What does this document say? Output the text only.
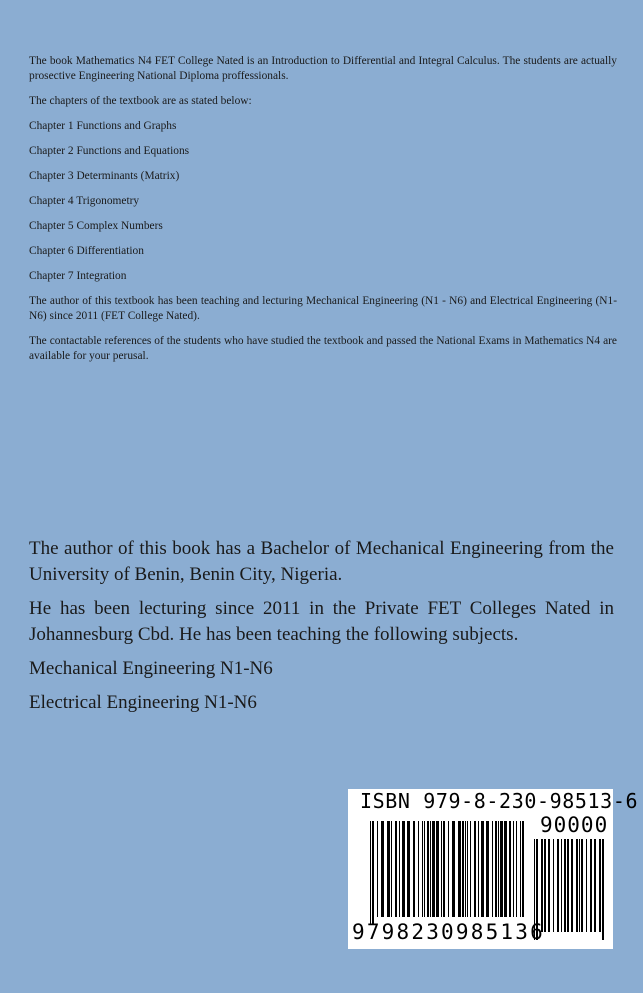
The book Mathematics N4 FET College Nated is an Introduction to Differential and Integral Calculus. The students are actually prosective Engineering National Diploma proffessionals.

The chapters of the textbook are as stated below:

Chapter 1 Functions and Graphs
Chapter 2 Functions and Equations
Chapter 3 Determinants (Matrix)
Chapter 4 Trigonometry
Chapter 5 Complex Numbers
Chapter 6 Differentiation
Chapter 7 Integration

The author of this textbook has been teaching and lecturing Mechanical Engineering (N1 - N6) and Electrical Engineering (N1-N6) since 2011 (FET College Nated).

The contactable references of the students who have studied the textbook and passed the National Exams in Mathematics N4 are available for your perusal.

The author of this book has a Bachelor of Mechanical Engineering from the University of Benin, Benin City, Nigeria.

He has been lecturing since 2011 in the Private FET Colleges Nated in Johannesburg Cbd. He has been teaching the following subjects.

Mechanical Engineering N1-N6

Electrical Engineering N1-N6

ISBN 979-8-230-98513-6
90000
9798230985136
